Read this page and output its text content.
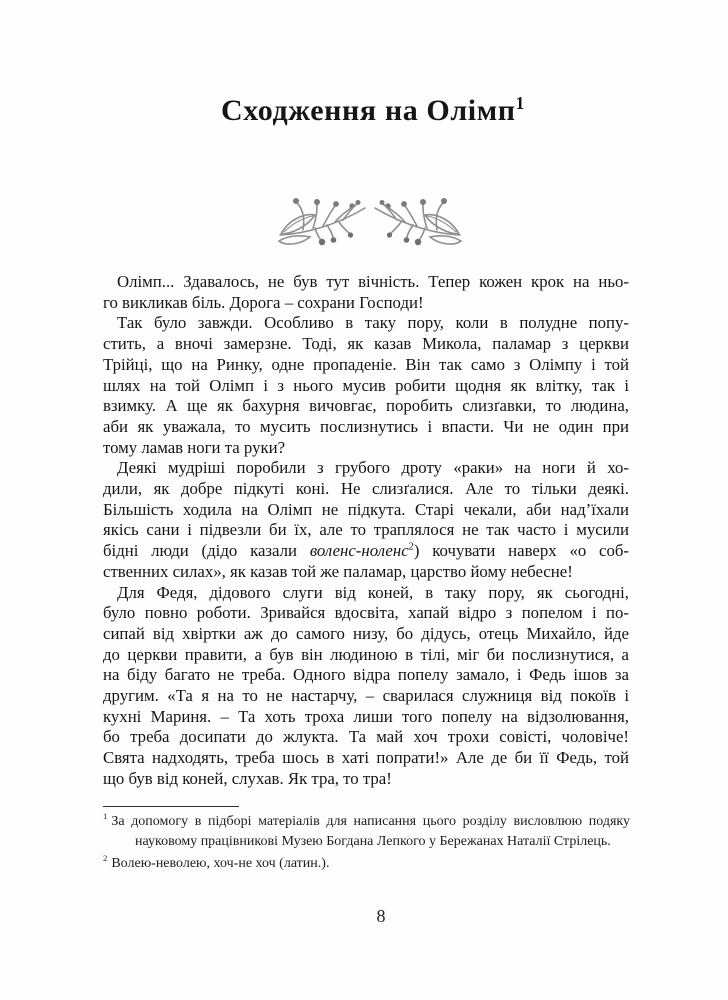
Сходження на Олімп$^1$
Олімп... Здавалось, не був тут вічність. Тепер кожен крок на ньо-
го викликав біль. Дорога – сохрани Господи!
Так було завжди. Особливо в таку пору, коли в полудне попу-
стить, а вночі замерзне. Тоді, як казав Микола, паламар з церкви
Трійці, що на Ринку, одне пропаденіе. Він так само з Олімпу і той
шлях на той Олімп і з нього мусив робити щодня як влітку, так і
взимку. А ще як бахурня вичовгає, поробить слизґавки, то людина,
аби як уважала, то мусить послизнутись і впасти. Чи не один при
тому ламав ноги та руки?
Деякі мудріші поробили з грубого дроту «раки» на ноги й хо-
дили, як добре підкуті коні. Не слизґалися. Але то тільки деякі.
Більшість ходила на Олімп не підкута. Старі чекали, аби над’їхали
якісь сани і підвезли би їх, але то траплялося не так часто і мусили
бідні люди (дідо казали воленс-ноленс$^2$) кочувати наверх «о соб-
ственних силах», як казав той же паламар, царство йому небесне!
Для Федя, дідового слуги від коней, в таку пору, як сьогодні,
було повно роботи. Зривайся вдосвіта, хапай відро з попелом і по-
сипай від хвіртки аж до самого низу, бо дідусь, отець Михайло, йде
до церкви правити, а був він людиною в тілі, міг би послизнутися, а
на біду багато не треба. Одного відра попелу замало, і Федь ішов за
другим. «Та я на то не настарчу, – сварилася служниця від покоїв і
кухні Мариня. – Та хоть троха лиши того попелу на відзолювання,
бо треба досипати до жлукта. Та май хоч трохи совісті, чоловіче!
Свята надходять, треба шось в хаті попрати!» Але де би її Федь, той
що був від коней, слухав. Як тра, то тра!
$^1$ За допомогу в підборі матеріалів для написання цього розділу висловлюю подяку
науковому працівникові Музею Богдана Лепкого у Бережанах Наталії Стрілець.
$^2$ Волею-неволею, хоч-не хоч (латин.).
8
